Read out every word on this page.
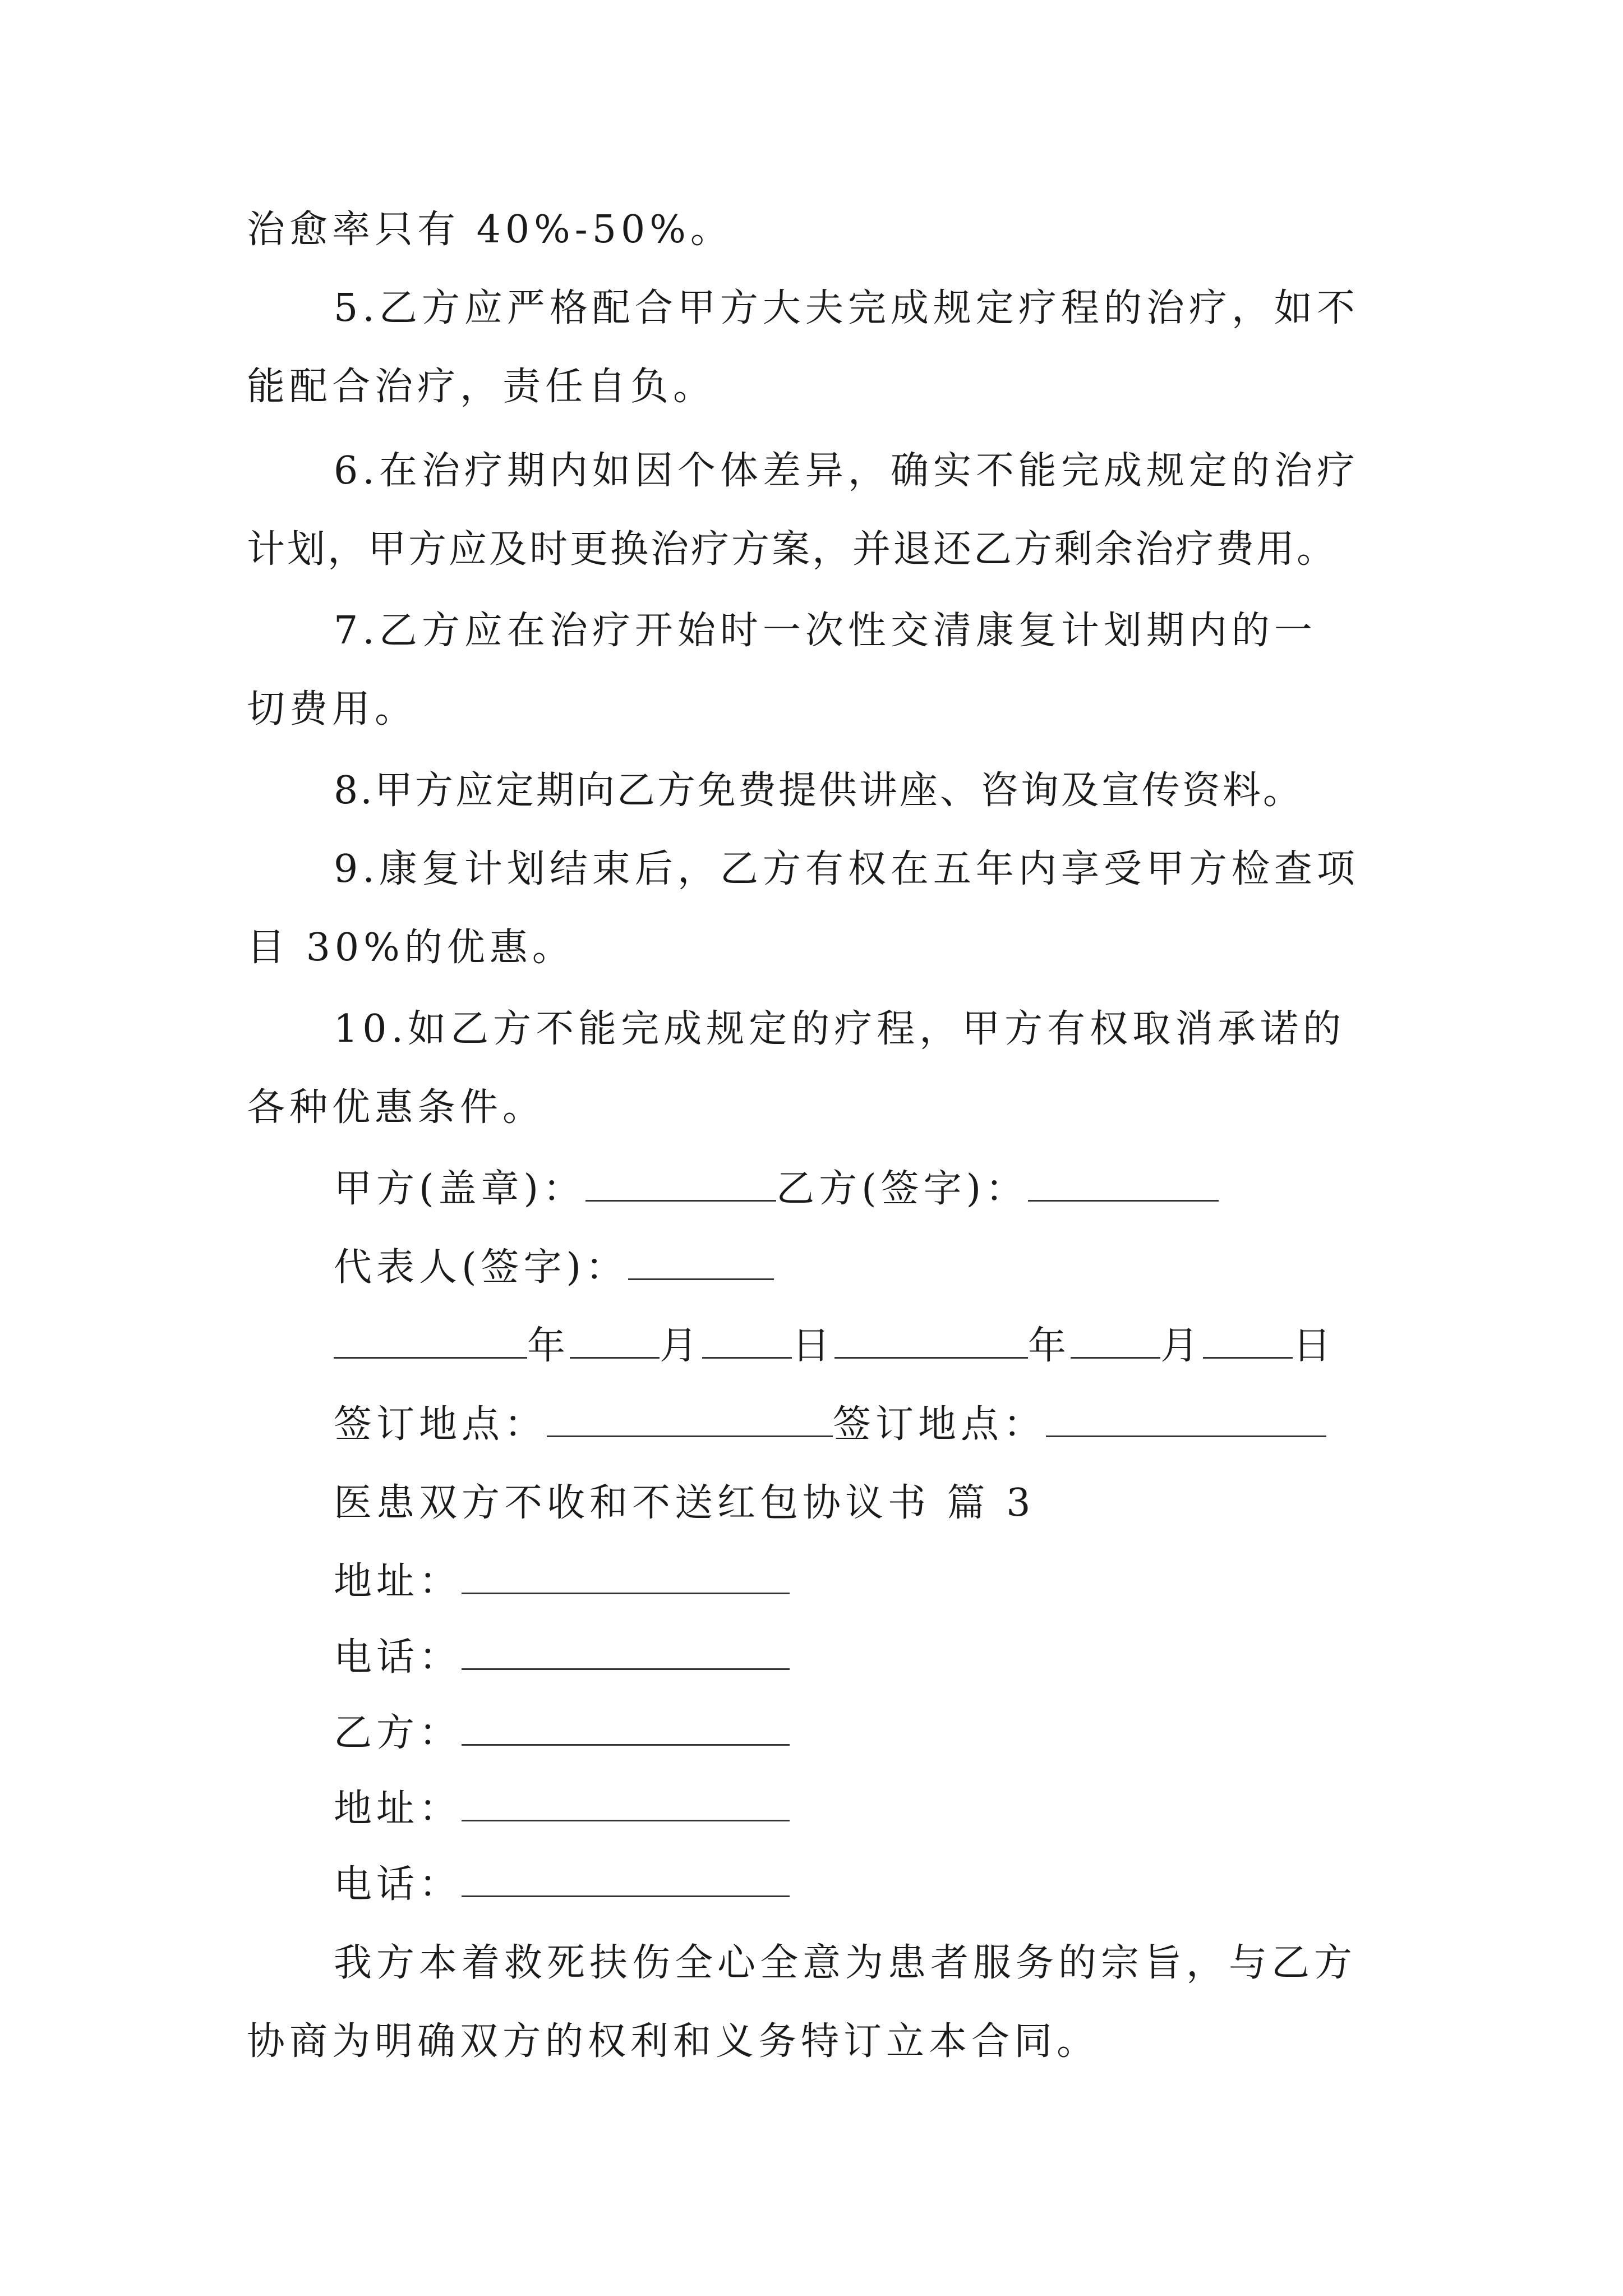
治愈率只有 40%-50%。
5.乙方应严格配合甲方大夫完成规定疗程的治疗，如不
能配合治疗，责任自负。
6.在治疗期内如因个体差异，确实不能完成规定的治疗
计划，甲方应及时更换治疗方案，并退还乙方剩余治疗费用。
7.乙方应在治疗开始时一次性交清康复计划期内的一
切费用。
8.甲方应定期向乙方免费提供讲座、咨询及宣传资料。
9.康复计划结束后，乙方有权在五年内享受甲方检查项
目 30%的优惠。
10.如乙方不能完成规定的疗程，甲方有权取消承诺的
各种优惠条件。
甲方(盖章)：	乙方(签字)：
代表人(签字)：
年 月 日	年 月 日
签订地点：	签订地点：
医患双方不收和不送红包协议书 篇 3
地址：
电话：
乙方：
地址：
电话：
我方本着救死扶伤全心全意为患者服务的宗旨，与乙方
协商为明确双方的权利和义务特订立本合同。
